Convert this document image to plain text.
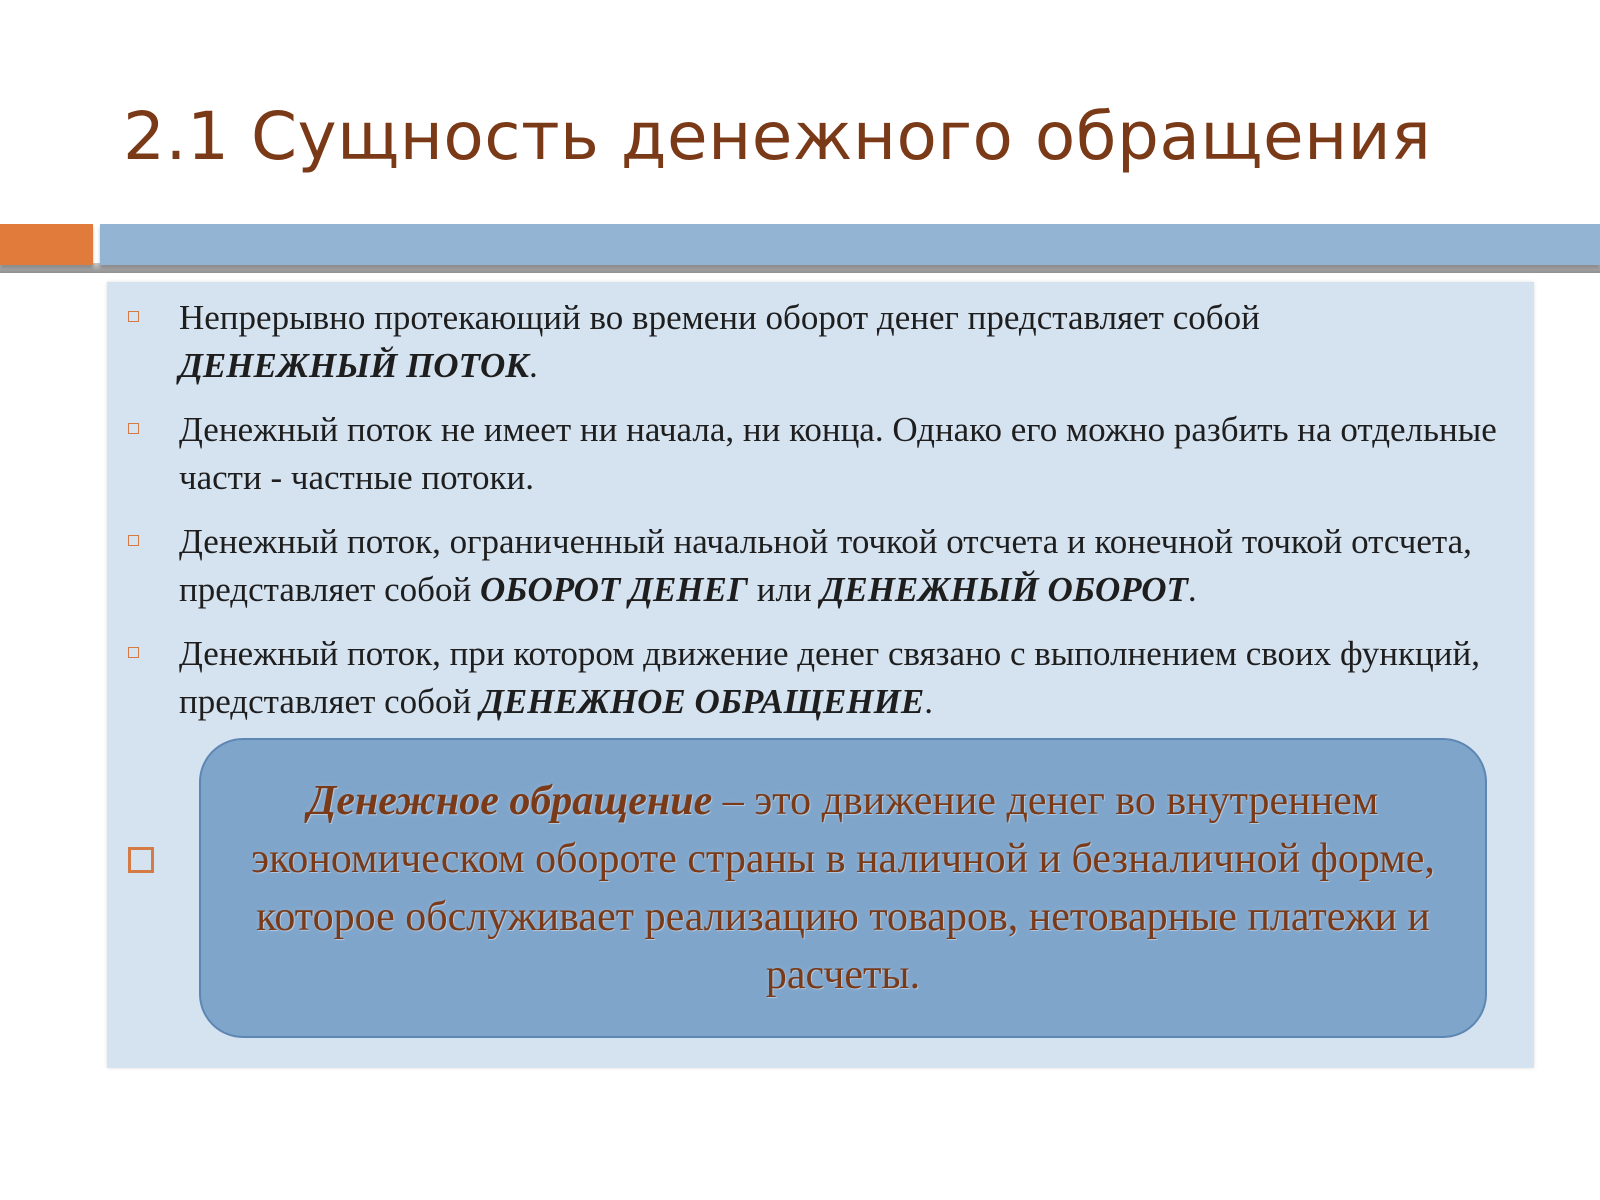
2.1 Сущность денежного обращения
Непрерывно протекающий во времени оборот денег представляет собой
ДЕНЕЖНЫЙ ПОТОК.
Денежный поток не имеет ни начала, ни конца. Однако его можно разбить на отдельные части - частные потоки.
Денежный поток, ограниченный начальной точкой отсчета и конечной точкой отсчета, представляет собой ОБОРОТ ДЕНЕГ или ДЕНЕЖНЫЙ ОБОРОТ.
Денежный поток, при котором движение денег связано с выполнением своих функций, представляет собой ДЕНЕЖНОЕ ОБРАЩЕНИЕ.
Денежное обращение – это движение денег во внутреннем экономическом обороте страны в наличной и безналичной форме, которое обслуживает реализацию товаров, нетоварные платежи и расчеты.
